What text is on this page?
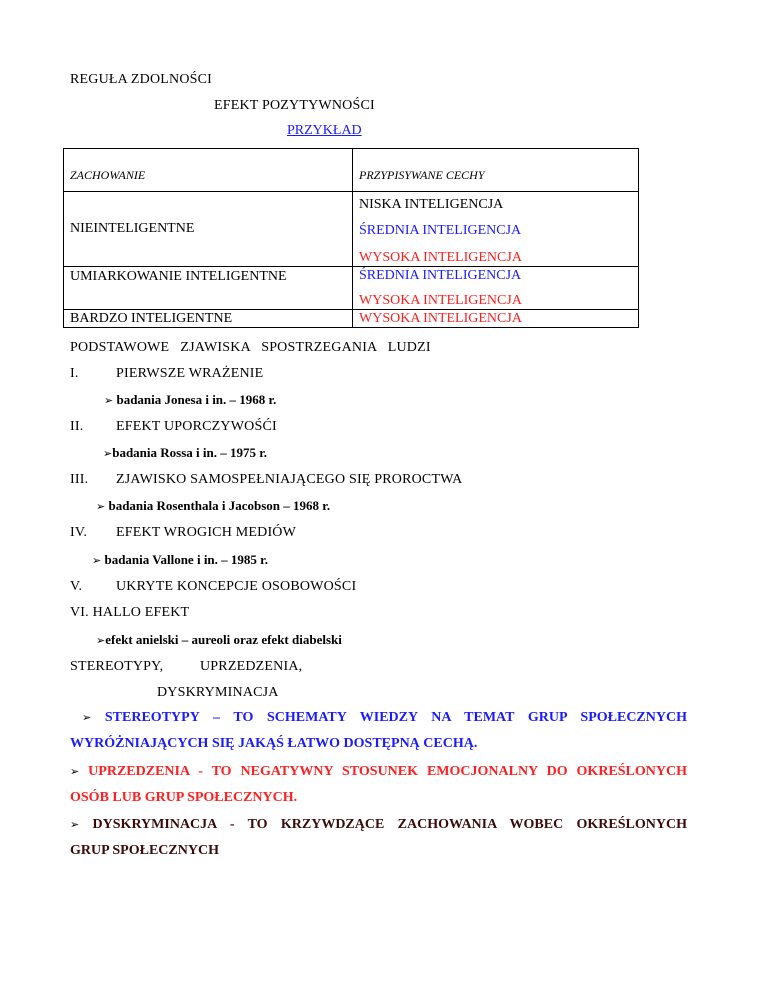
REGUŁA ZDOLNOŚCI
EFEKT POZYTYWNOŚCI
PRZYKŁAD
ZACHOWANIE	PRZYPISYWANE CECHY
NIEINTELIGENTNE	NISKA INTELIGENCJA
ŚREDNIA INTELIGENCJA
WYSOKA INTELIGENCJA

UMIARKOWANIE INTELIGENTNE	ŚREDNIA INTELIGENCJA
WYSOKA INTELIGENCJA

BARDZO INTELIGENTNE	WYSOKA INTELIGENCJA
PODSTAWOWE   ZJAWISKA   SPOSTRZEGANIA   LUDZI
I.	PIERWSZE WRAŻENIE
➢ badania Jonesa i in. – 1968 r.
II. EFEKT UPORCZYWOŚĆI
➢badania Rossa i in. – 1975 r.
III. ZJAWISKO SAMOSPEŁNIAJĄCEGO SIĘ PROROCTWA
➢ badania Rosenthala i Jacobson – 1968 r.
IV. EFEKT WROGICH MEDIÓW
➢ badania Vallone i in. – 1985 r.
V. UKRYTE KONCEPCJE OSOBOWOŚCI
VI. HALLO EFEKT
➢efekt anielski – aureoli oraz efekt diabelski
STEREOTYPY,	UPRZEDZENIA,
DYSKRYMINACJA
➢ STEREOTYPY – TO SCHEMATY WIEDZY NA TEMAT GRUP SPOŁECZNYCH
WYRÓŻNIAJĄCYCH SIĘ JAKĄŚ ŁATWO DOSTĘPNĄ CECHĄ.
➢ UPRZEDZENIA - TO NEGATYWNY STOSUNEK EMOCJONALNY DO OKREŚLONYCH
OSÓB LUB GRUP SPOŁECZNYCH.
➢ DYSKRYMINACJA - TO KRZYWDZĄCE ZACHOWANIA WOBEC OKREŚLONYCH
GRUP SPOŁECZNYCH
